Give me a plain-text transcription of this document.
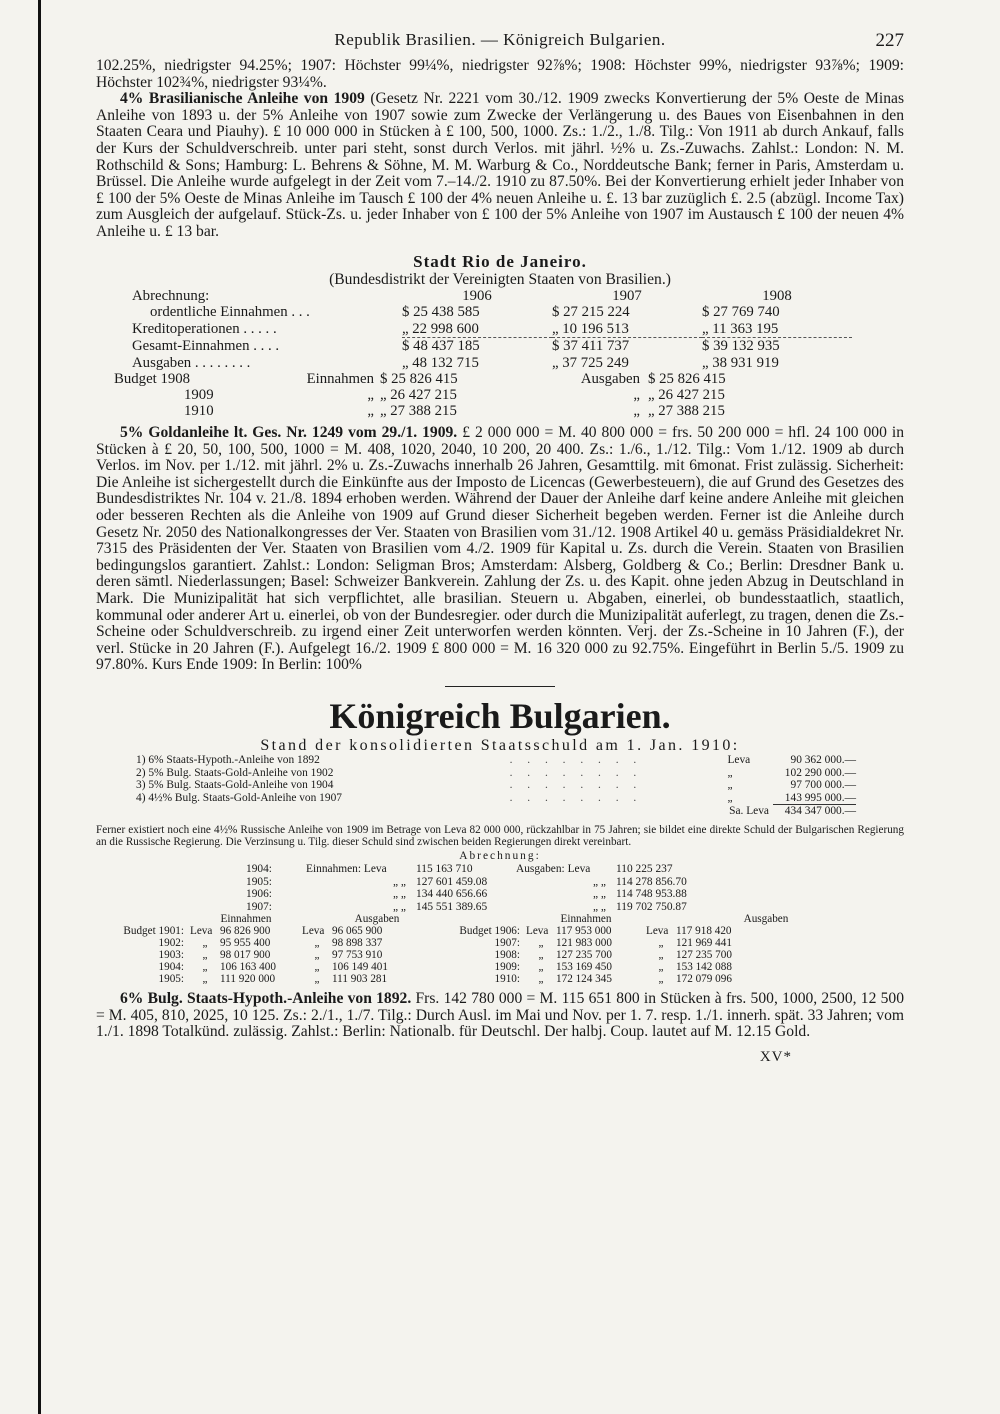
Republik Brasilien. — Königreich Bulgarien.	227

102.25%, niedrigster 94.25%; 1907: Höchster 99¼%, niedrigster 92⅞%; 1908: Höchster 99%, niedrigster 93⅞%; 1909: Höchster 102¾%, niedrigster 93¼%.

4% Brasilianische Anleihe von 1909 (Gesetz Nr. 2221 vom 30./12. 1909 zwecks Konvertierung der 5% Oeste de Minas Anleihe von 1893 u. der 5% Anleihe von 1907 sowie zum Zwecke der Verlängerung u. des Baues von Eisenbahnen in den Staaten Ceara und Piauhy). £ 10 000 000 in Stücken à £ 100, 500, 1000. Zs.: 1./2., 1./8. Tilg.: Von 1911 ab durch Ankauf, falls der Kurs der Schuldverschreib. unter pari steht, sonst durch Verlos. mit jährl. ½% u. Zs.-Zuwachs. Zahlst.: London: N. M. Rothschild & Sons; Hamburg: L. Behrens & Söhne, M. M. Warburg & Co., Norddeutsche Bank; ferner in Paris, Amsterdam u. Brüssel. Die Anleihe wurde aufgelegt in der Zeit vom 7.–14./2. 1910 zu 87.50%. Bei der Konvertierung erhielt jeder Inhaber von £ 100 der 5% Oeste de Minas Anleihe im Tausch £ 100 der 4% neuen Anleihe u. £. 13 bar zuzüglich £. 2.5 (abzügl. Income Tax) zum Ausgleich der aufgelauf. Stück-Zs. u. jeder Inhaber von £ 100 der 5% Anleihe von 1907 im Austausch £ 100 der neuen 4% Anleihe u. £ 13 bar.

Stadt Rio de Janeiro.
(Bundesdistrikt der Vereinigten Staaten von Brasilien.)
Abrechnung:	1906	1907	1908
ordentliche Einnahmen . . .	$ 25 438 585	$ 27 215 224	$ 27 769 740
Kreditoperationen . . . . .	„ 22 998 600	„ 10 196 513	„ 11 363 195
Gesamt-Einnahmen . . . .	$ 48 437 185	$ 37 411 737	$ 39 132 935
Ausgaben . . . . . . . .	„ 48 132 715	„ 37 725 249	„ 38 931 919
Budget 1908	Einnahmen	$ 25 826 415	Ausgaben	$ 25 826 415
1909	„	„ 26 427 215	„	„ 26 427 215
1910	„	„ 27 388 215	„	„ 27 388 215

5% Goldanleihe lt. Ges. Nr. 1249 vom 29./1. 1909. £ 2 000 000 = M. 40 800 000 = frs. 50 200 000 = hfl. 24 100 000 in Stücken à £ 20, 50, 100, 500, 1000 = M. 408, 1020, 2040, 10 200, 20 400. Zs.: 1./6., 1./12. Tilg.: Vom 1./12. 1909 ab durch Verlos. im Nov. per 1./12. mit jährl. 2% u. Zs.-Zuwachs innerhalb 26 Jahren, Gesamttilg. mit 6monat. Frist zulässig. Sicherheit: Die Anleihe ist sichergestellt durch die Einkünfte aus der Imposto de Licencas (Gewerbesteuern), die auf Grund des Gesetzes des Bundesdistriktes Nr. 104 v. 21./8. 1894 erhoben werden. Während der Dauer der Anleihe darf keine andere Anleihe mit gleichen oder besseren Rechten als die Anleihe von 1909 auf Grund dieser Sicherheit begeben werden. Ferner ist die Anleihe durch Gesetz Nr. 2050 des Nationalkongresses der Ver. Staaten von Brasilien vom 31./12. 1908 Artikel 40 u. gemäss Präsidialdekret Nr. 7315 des Präsidenten der Ver. Staaten von Brasilien vom 4./2. 1909 für Kapital u. Zs. durch die Verein. Staaten von Brasilien bedingungslos garantiert. Zahlst.: London: Seligman Bros; Amsterdam: Alsberg, Goldberg & Co.; Berlin: Dresdner Bank u. deren sämtl. Niederlassungen; Basel: Schweizer Bankverein. Zahlung der Zs. u. des Kapit. ohne jeden Abzug in Deutschland in Mark. Die Munizipalität hat sich verpflichtet, alle brasilian. Steuern u. Abgaben, einerlei, ob bundesstaatlich, staatlich, kommunal oder anderer Art u. einerlei, ob von der Bundesregier. oder durch die Munizipalität auferlegt, zu tragen, denen die Zs.-Scheine oder Schuldverschreib. zu irgend einer Zeit unterworfen werden könnten. Verj. der Zs.-Scheine in 10 Jahren (F.), der verl. Stücke in 20 Jahren (F.). Aufgelegt 16./2. 1909 £ 800 000 = M. 16 320 000 zu 92.75%. Eingeführt in Berlin 5./5. 1909 zu 97.80%. Kurs Ende 1909: In Berlin: 100%

Königreich Bulgarien.
Stand der konsolidierten Staatsschuld am 1. Jan. 1910:
1) 6% Staats-Hypoth.-Anleihe von 1892	. . . . . . . .	Leva	90 362 000.—
2) 5% Bulg. Staats-Gold-Anleihe von 1902	. . . . . . . .	„	102 290 000.—
3) 5% Bulg. Staats-Gold-Anleihe von 1904	. . . . . . . .	„	97 700 000.—
4) 4½% Bulg. Staats-Gold-Anleihe von 1907	. . . . . . . .	„	143 995 000.—
		Sa. Leva	434 347 000.—

Ferner existiert noch eine 4½% Russische Anleihe von 1909 im Betrage von Leva 82 000 000, rückzahlbar in 75 Jahren; sie bildet eine direkte Schuld der Bulgarischen Regierung an die Russische Regierung. Die Verzinsung u. Tilg. dieser Schuld sind zwischen beiden Regierungen direkt vereinbart.

Abrechnung:
1904:	Einnahmen: Leva	115 163 710	Ausgaben: Leva	110 225 237
1905:	„ „	127 601 459.08	„ „	114 278 856.70
1906:	„ „	134 440 656.66	„ „	114 748 953.88
1907:	„ „	145 551 389.65	„ „	119 702 750.87
	Einnahmen		Ausgaben			Einnahmen		Ausgaben	
Budget 1901:	Leva	96 826 900	Leva	96 065 900	Budget 1906:	Leva	117 953 000	Leva	117 918 420
1902:	„	95 955 400	„	98 898 337	1907:	„	121 983 000	„	121 969 441
1903:	„	98 017 900	„	97 753 910	1908:	„	127 235 700	„	127 235 700
1904:	„	106 163 400	„	106 149 401	1909:	„	153 169 450	„	153 142 088
1905:	„	111 920 000	„	111 903 281	1910:	„	172 124 345	„	172 079 096

6% Bulg. Staats-Hypoth.-Anleihe von 1892. Frs. 142 780 000 = M. 115 651 800 in Stücken à frs. 500, 1000, 2500, 12 500 = M. 405, 810, 2025, 10 125. Zs.: 2./1., 1./7. Tilg.: Durch Ausl. im Mai und Nov. per 1. 7. resp. 1./1. innerh. spät. 33 Jahren; vom 1./1. 1898 Totalkünd. zulässig. Zahlst.: Berlin: Nationalb. für Deutschl. Der halbj. Coup. lautet auf M. 12.15 Gold.

XV*
